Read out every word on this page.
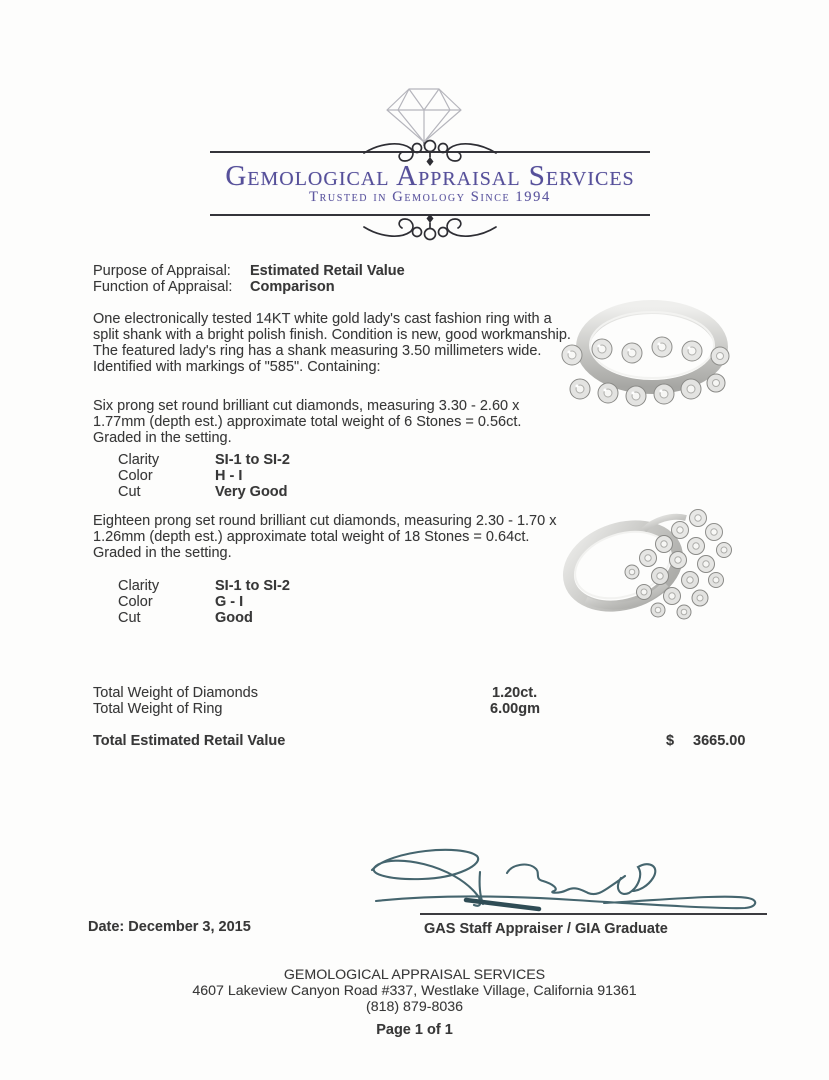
Gemological Appraisal Services
Trusted in Gemology Since 1994
Purpose of Appraisal: Estimated Retail Value
Function of Appraisal: Comparison
One electronically tested 14KT white gold lady's cast fashion ring with a split shank with a bright polish finish. Condition is new, good workmanship. The featured lady's ring has a shank measuring 3.50 millimeters wide. Identified with markings of "585". Containing:
Six prong set round brilliant cut diamonds, measuring 3.30 - 2.60 x 1.77mm (depth est.) approximate total weight of 6 Stones = 0.56ct. Graded in the setting.
Clarity	SI-1 to SI-2
Color	H - I
Cut	Very Good
Eighteen prong set round brilliant cut diamonds, measuring 2.30 - 1.70 x 1.26mm (depth est.) approximate total weight of 18 Stones = 0.64ct. Graded in the setting.
Clarity	SI-1 to SI-2
Color	G - I
Cut	Good
Total Weight of Diamonds	1.20ct.
Total Weight of Ring	6.00gm
Total Estimated Retail Value	$ 3665.00
Date: December 3, 2015	GAS Staff Appraiser / GIA Graduate
GEMOLOGICAL APPRAISAL SERVICES
4607 Lakeview Canyon Road #337, Westlake Village, California 91361
(818) 879-8036
Page 1 of 1
